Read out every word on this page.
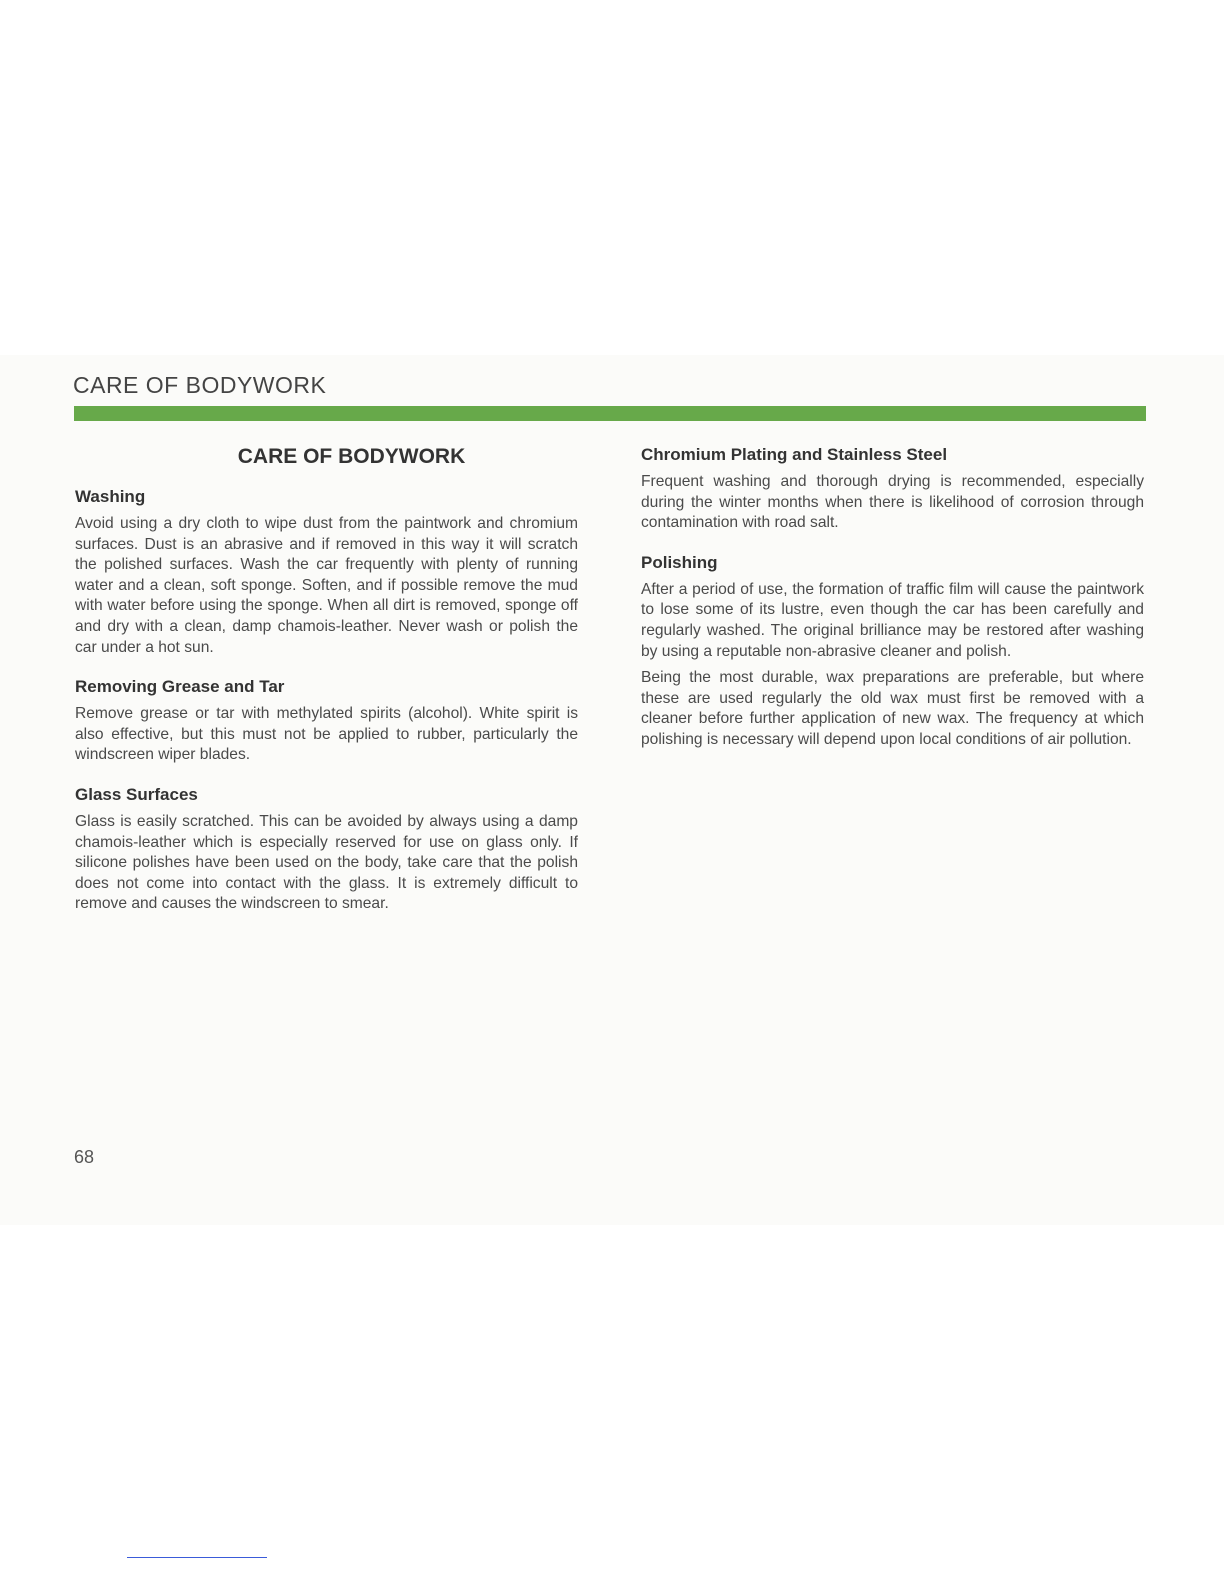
CARE OF BODYWORK
CARE OF BODYWORK
Washing

Avoid using a dry cloth to wipe dust from the paintwork and chromium surfaces. Dust is an abrasive and if removed in this way it will scratch the polished surfaces. Wash the car frequently with plenty of running water and a clean, soft sponge. Soften, and if possible remove the mud with water before using the sponge. When all dirt is removed, sponge off and dry with a clean, damp chamois-leather. Never wash or polish the car under a hot sun.

Removing Grease and Tar

Remove grease or tar with methylated spirits (alcohol). White spirit is also effective, but this must not be applied to rubber, particularly the windscreen wiper blades.

Glass Surfaces

Glass is easily scratched. This can be avoided by always using a damp chamois-leather which is especially reserved for use on glass only. If silicone polishes have been used on the body, take care that the polish does not come into contact with the glass. It is extremely difficult to remove and causes the windscreen to smear.

Chromium Plating and Stainless Steel

Frequent washing and thorough drying is recommended, especially during the winter months when there is likelihood of corrosion through contamination with road salt.

Polishing

After a period of use, the formation of traffic film will cause the paintwork to lose some of its lustre, even though the car has been carefully and regularly washed. The original brilliance may be restored after washing by using a reputable non-abrasive cleaner and polish.

Being the most durable, wax preparations are preferable, but where these are used regularly the old wax must first be removed with a cleaner before further application of new wax. The frequency at which polishing is necessary will depend upon local conditions of air pollution.

68
